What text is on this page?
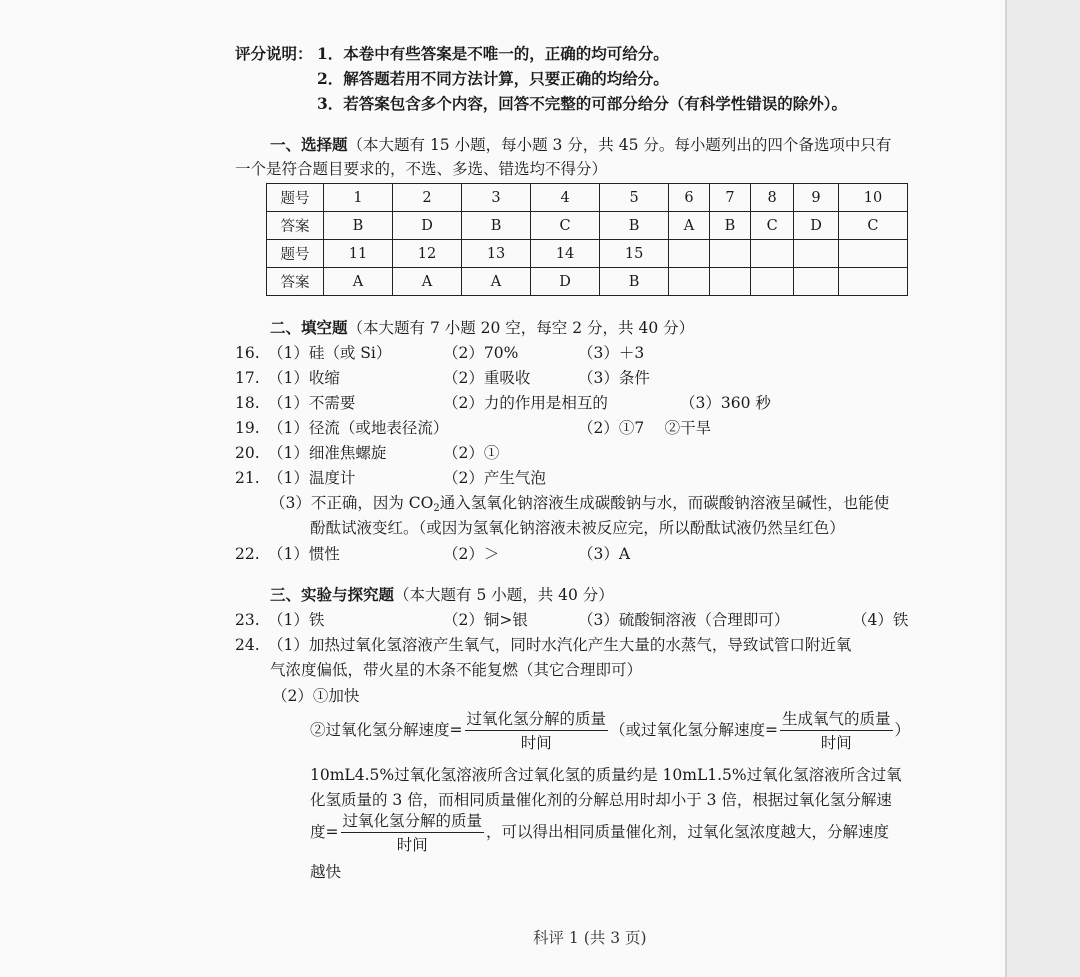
评分说明： 1．本卷中有些答案是不唯一的，正确的均可给分。
2．解答题若用不同方法计算，只要正确的均给分。
3．若答案包含多个内容，回答不完整的可部分给分（有科学性错误的除外）。
一、选择题（本大题有 15 小题，每小题 3 分，共 45 分。每小题列出的四个备选项中只有
一个是符合题目要求的，不选、多选、错选均不得分）
题号	1	2	3	4	5	6	7	8	9	10
答案	B	D	B	C	B	A	B	C	D	C
题号	11	12	13	14	15					
答案	A	A	A	D	B					
二、填空题（本大题有 7 小题 20 空，每空 2 分，共 40 分）
16. （1）硅（或 Si）	（2）70%	（3）＋3
17. （1）收缩	（2）重吸收	（3）条件
18. （1）不需要	（2）力的作用是相互的	（3）360 秒
19. （1）径流（或地表径流）	（2）①7　 ②干旱
20. （1）细准焦螺旋	（2）①
21. （1）温度计	（2）产生气泡
（3）不正确，因为 $CO_2$通入氢氧化钠溶液生成碳酸钠与水，而碳酸钠溶液呈碱性，也能使
酚酞试液变红。（或因为氢氧化钠溶液未被反应完，所以酚酞试液仍然呈红色）
22. （1）惯性	（2）＞	（3）A
三、实验与探究题（本大题有 5 小题，共 40 分）
23. （1）铁	（2）铜>银	（3）硫酸铜溶液（合理即可）	（4）铁
24. （1）加热过氧化氢溶液产生氧气，同时水汽化产生大量的水蒸气，导致试管口附近氧
气浓度偏低，带火星的木条不能复燃（其它合理即可）
（2）①加快
②过氧化氢分解速度= $\frac{\text{过氧化氢分解的质量}}{\text{时间}}$ （或过氧化氢分解速度= $\frac{\text{生成氧气的质量}}{\text{时间}}$ ）
10mL4.5%过氧化氢溶液所含过氧化氢的质量约是 10mL1.5%过氧化氢溶液所含过氧
化氢质量的 3 倍，而相同质量催化剂的分解总用时却小于 3 倍，根据过氧化氢分解速
度= $\frac{\text{过氧化氢分解的质量}}{\text{时间}}$ ，可以得出相同质量催化剂，过氧化氢浓度越大，分解速度
越快
科评 1 (共 3 页)
